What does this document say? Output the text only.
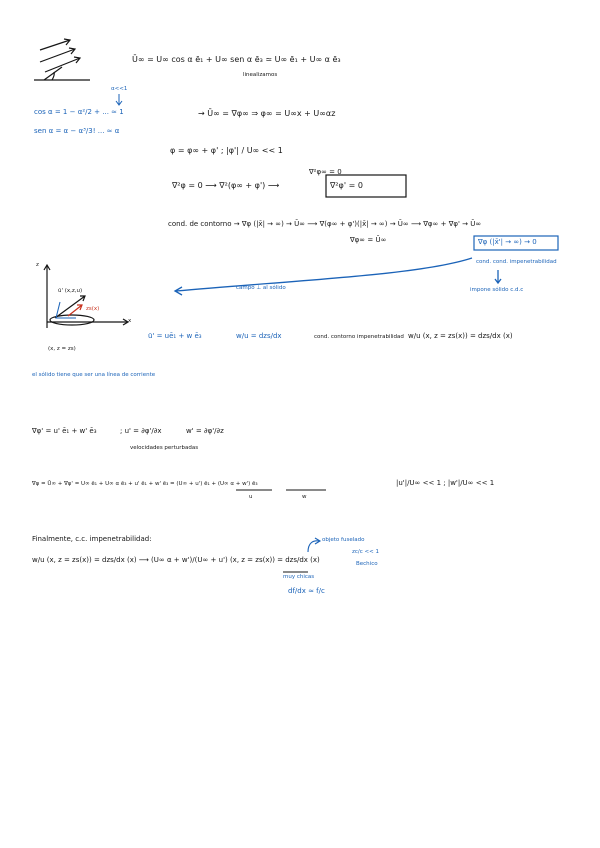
Ū∞ = U∞ cos α ē₁ + U∞ sen α ē₃ ≃ U∞ ē₁ + U∞ α ē₃
linealizamos
α<<1
cos α = 1 − α²/2 + ... ≃ 1
sen α = α − α³/3! ... ≃ α
→ Ū∞ = ∇φ∞ ⇒ φ∞ = U∞x + U∞αz
φ = φ∞ + φ' ; |φ'| / U∞ << 1
∇²φ = 0 ⟶ ∇²(φ∞ + φ') ⟶
∇²φ∞ = 0
∇²φ' = 0
cond. de contorno → ∇φ (|x̄| → ∞) → Ū∞ ⟶ ∇(φ∞ + φ')(|x̄| → ∞) → Ū∞ ⟶ ∇φ∞ + ∇φ' → Ū∞
∇φ∞ = Ū∞	∇φ (|x̄'| → ∞) → 0
cond. cond. impenetrabilidad
impone sólido c.d.c
campo ⊥ al sólido
z
x
ū' (x,z,u)
zs(x)
(x, z = zs)
ū' = uē₁ + w ē₃	w/u = dzs/dx	cond. contorno impenetrabilidad w/u (x, z = zs(x)) = dzs/dx (x)
el sólido tiene que ser una línea de corriente
∇φ' = u' ē₁ + w' ē₃	; u' = ∂φ'/∂x	w' = ∂φ'/∂z
velocidades perturbadas
∇φ = Ū∞ + ∇φ' = U∞ ē₁ + U∞ α ē₃ + u' ē₁ + w' ē₃ = (U∞ + u') ē₁ + (U∞ α + w') ē₃
u	w
|u'|/U∞ << 1 ; |w'|/U∞ << 1
Finalmente, c.c. impenetrabilidad:
w/u (x, z = zs(x)) = dzs/dx (x) ⟶ (U∞ α + w')/(U∞ + u') (x, z = zs(x)) = dzs/dx (x)
muy chicas
objeto fuselado
zc/c << 1
Bechico
df/dx ≈ f/c
